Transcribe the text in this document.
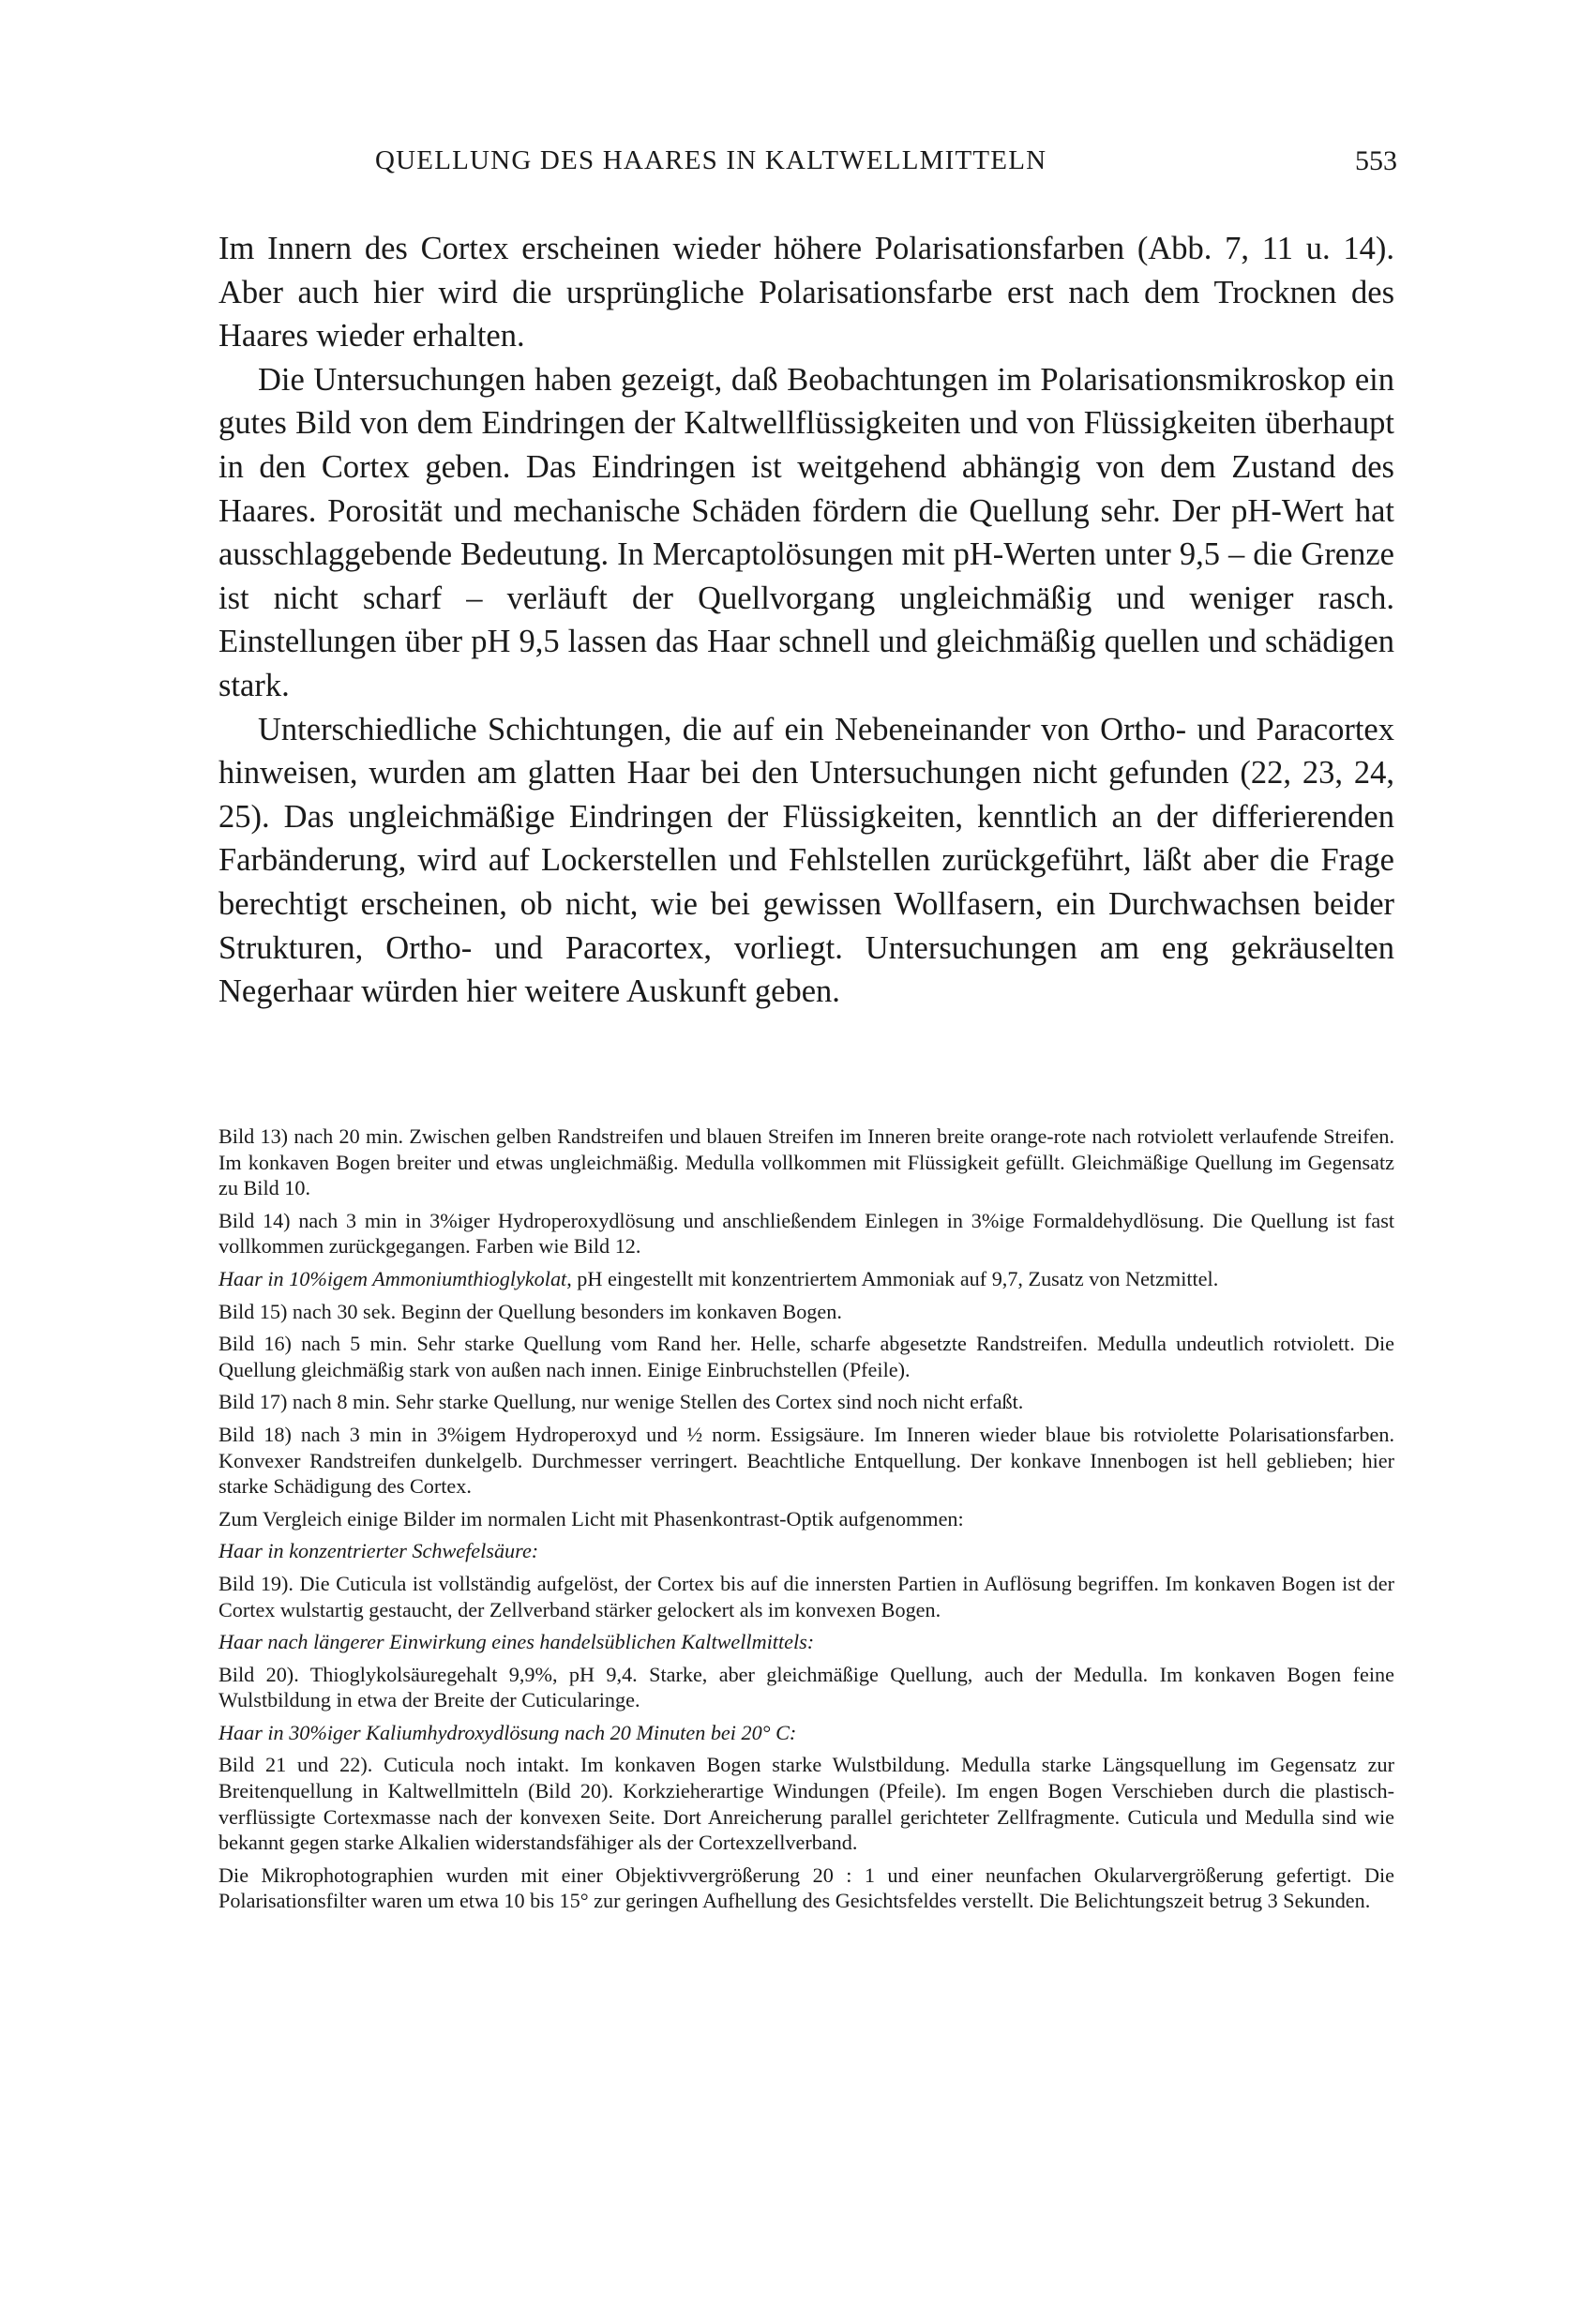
QUELLUNG DES HAARES IN KALTWELLMITTELN	553

Im Innern des Cortex erscheinen wieder höhere Polarisationsfarben (Abb. 7, 11 u. 14). Aber auch hier wird die ursprüngliche Polarisationsfarbe erst nach dem Trocknen des Haares wieder erhalten.

Die Untersuchungen haben gezeigt, daß Beobachtungen im Polarisationsmikroskop ein gutes Bild von dem Eindringen der Kaltwellflüssigkeiten und von Flüssigkeiten überhaupt in den Cortex geben. Das Eindringen ist weitgehend abhängig von dem Zustand des Haares. Porosität und mechanische Schäden fördern die Quellung sehr. Der pH-Wert hat ausschlaggebende Bedeutung. In Mercaptolösungen mit pH-Werten unter 9,5 – die Grenze ist nicht scharf – verläuft der Quellvorgang ungleichmäßig und weniger rasch. Einstellungen über pH 9,5 lassen das Haar schnell und gleichmäßig quellen und schädigen stark.

Unterschiedliche Schichtungen, die auf ein Nebeneinander von Ortho- und Paracortex hinweisen, wurden am glatten Haar bei den Untersuchungen nicht gefunden (22, 23, 24, 25). Das ungleichmäßige Eindringen der Flüssigkeiten, kenntlich an der differierenden Farbänderung, wird auf Lockerstellen und Fehlstellen zurückgeführt, läßt aber die Frage berechtigt erscheinen, ob nicht, wie bei gewissen Wollfasern, ein Durchwachsen beider Strukturen, Ortho- und Paracortex, vorliegt. Untersuchungen am eng gekräuselten Negerhaar würden hier weitere Auskunft geben.

Bild 13) nach 20 min. Zwischen gelben Randstreifen und blauen Streifen im Inneren breite orange-rote nach rotviolett verlaufende Streifen. Im konkaven Bogen breiter und etwas ungleichmäßig. Medulla vollkommen mit Flüssigkeit gefüllt. Gleichmäßige Quellung im Gegensatz zu Bild 10.

Bild 14) nach 3 min in 3%iger Hydroperoxydlösung und anschließendem Einlegen in 3%ige Formaldehydlösung. Die Quellung ist fast vollkommen zurückgegangen. Farben wie Bild 12.

Haar in 10%igem Ammoniumthioglykolat, pH eingestellt mit konzentriertem Ammoniak auf 9,7, Zusatz von Netzmittel.

Bild 15) nach 30 sek. Beginn der Quellung besonders im konkaven Bogen.

Bild 16) nach 5 min. Sehr starke Quellung vom Rand her. Helle, scharfe abgesetzte Randstreifen. Medulla undeutlich rotviolett. Die Quellung gleichmäßig stark von außen nach innen. Einige Einbruchstellen (Pfeile).

Bild 17) nach 8 min. Sehr starke Quellung, nur wenige Stellen des Cortex sind noch nicht erfaßt.

Bild 18) nach 3 min in 3%igem Hydroperoxyd und ½ norm. Essigsäure. Im Inneren wieder blaue bis rotviolette Polarisationsfarben. Konvexer Randstreifen dunkelgelb. Durchmesser verringert. Beachtliche Entquellung. Der konkave Innenbogen ist hell geblieben; hier starke Schädigung des Cortex.

Zum Vergleich einige Bilder im normalen Licht mit Phasenkontrast-Optik aufgenommen:

Haar in konzentrierter Schwefelsäure:

Bild 19). Die Cuticula ist vollständig aufgelöst, der Cortex bis auf die innersten Partien in Auflösung begriffen. Im konkaven Bogen ist der Cortex wulstartig gestaucht, der Zellverband stärker gelockert als im konvexen Bogen.

Haar nach längerer Einwirkung eines handelsüblichen Kaltwellmittels:

Bild 20). Thioglykolsäuregehalt 9,9%, pH 9,4. Starke, aber gleichmäßige Quellung, auch der Medulla. Im konkaven Bogen feine Wulstbildung in etwa der Breite der Cuticularinge.

Haar in 30%iger Kaliumhydroxydlösung nach 20 Minuten bei 20° C:

Bild 21 und 22). Cuticula noch intakt. Im konkaven Bogen starke Wulstbildung. Medulla starke Längsquellung im Gegensatz zur Breitenquellung in Kaltwellmitteln (Bild 20). Korkzieherartige Windungen (Pfeile). Im engen Bogen Verschieben durch die plastisch-verflüssigte Cortexmasse nach der konvexen Seite. Dort Anreicherung parallel gerichteter Zellfragmente. Cuticula und Medulla sind wie bekannt gegen starke Alkalien widerstandsfähiger als der Cortexzellverband.

Die Mikrophotographien wurden mit einer Objektivvergrößerung 20 : 1 und einer neunfachen Okularvergrößerung gefertigt. Die Polarisationsfilter waren um etwa 10 bis 15° zur geringen Aufhellung des Gesichtsfeldes verstellt. Die Belichtungszeit betrug 3 Sekunden.
